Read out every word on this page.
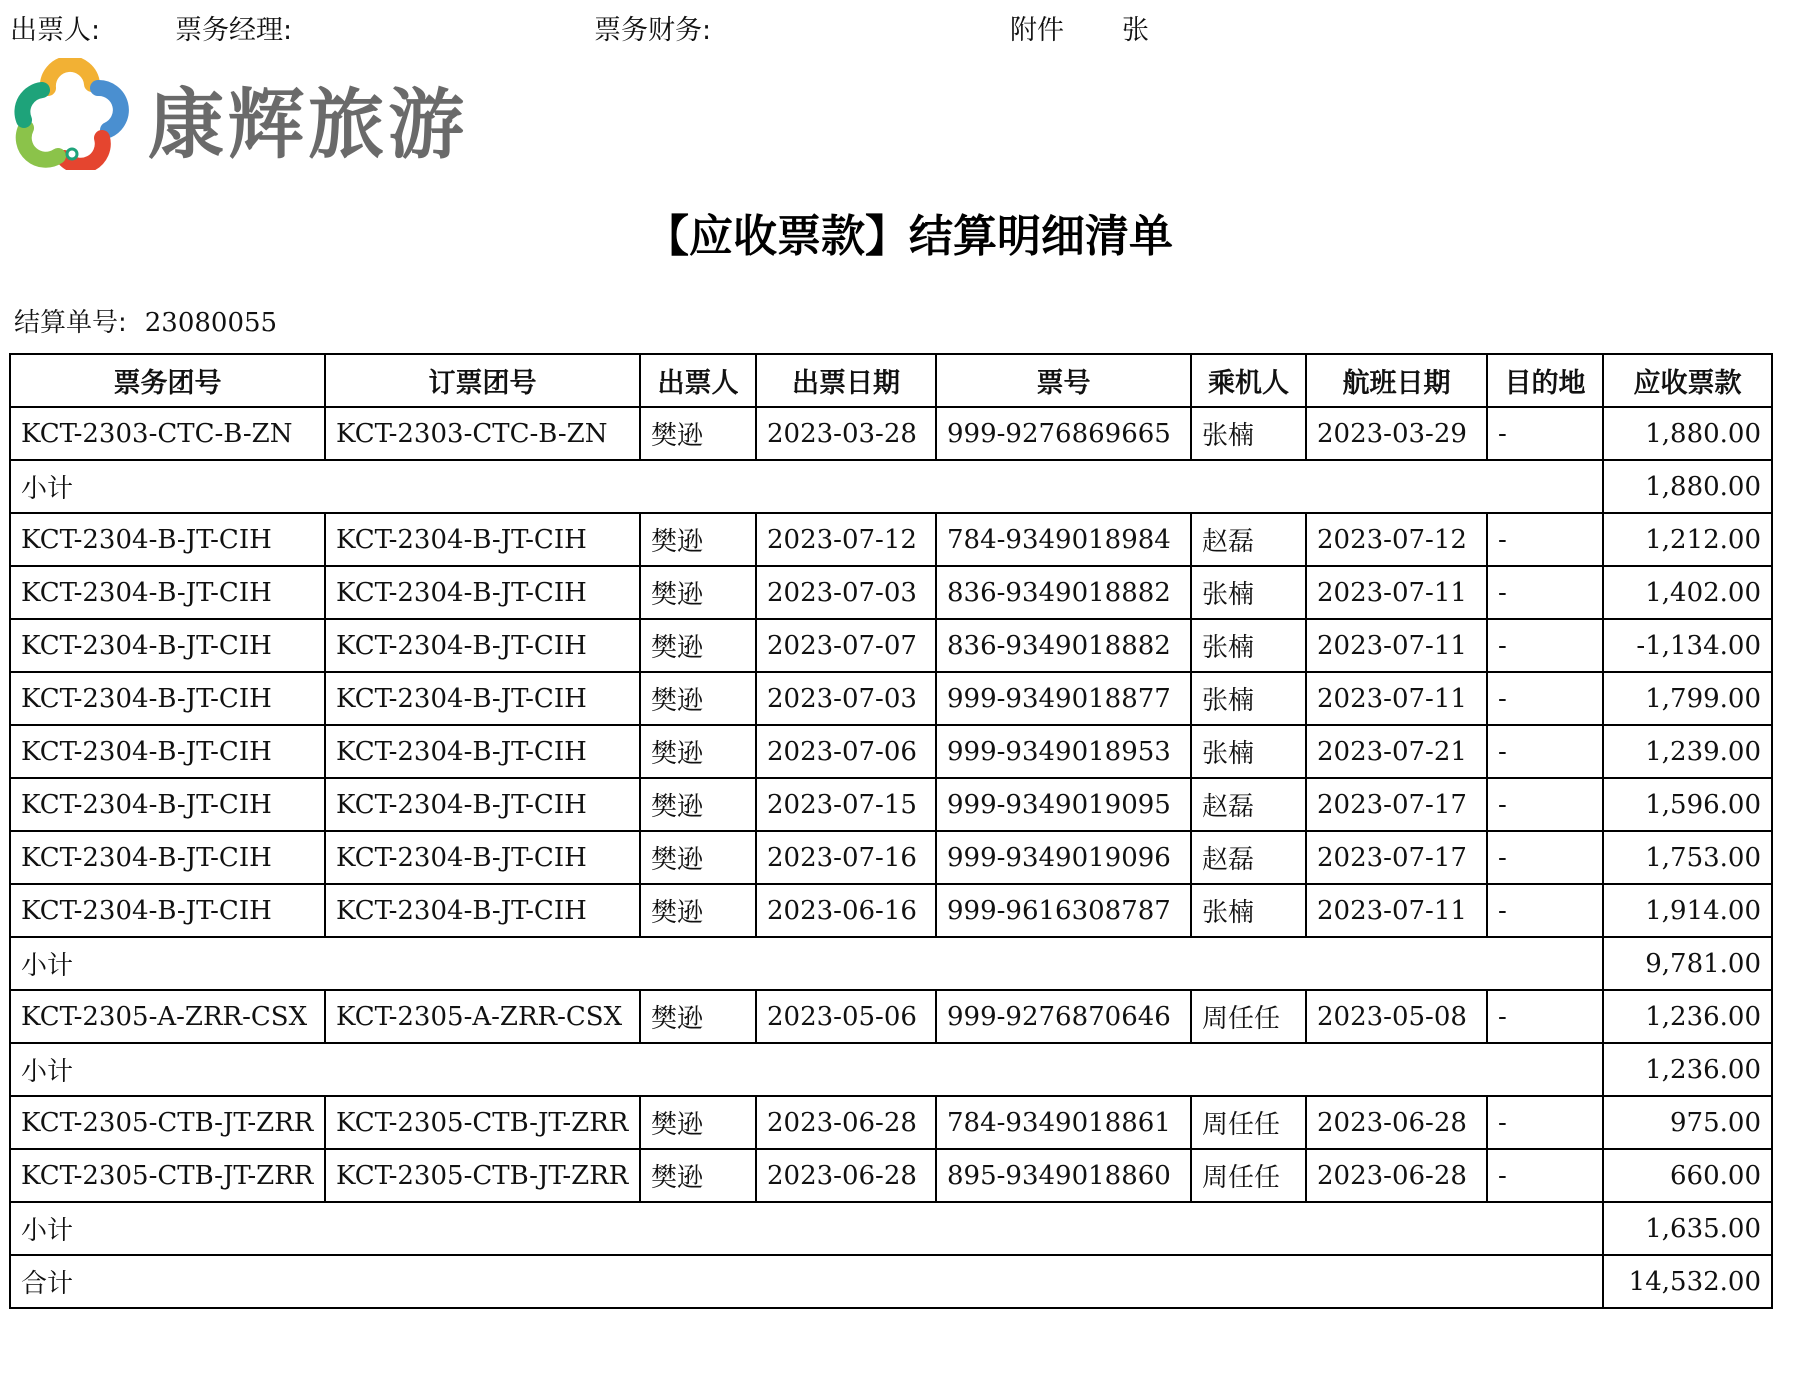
出票人:	票务经理:	票务财务:	附件 张
康辉旅游
【应收票款】结算明细清单
结算单号: 23080055
票务团号	订票团号	出票人	出票日期	票号	乘机人	航班日期	目的地	应收票款
KCT-2303-CTC-B-ZN	KCT-2303-CTC-B-ZN	樊逊	2023-03-28	999-9276869665	张楠	2023-03-29	-	1,880.00
小计								1,880.00
KCT-2304-B-JT-CIH	KCT-2304-B-JT-CIH	樊逊	2023-07-12	784-9349018984	赵磊	2023-07-12	-	1,212.00
KCT-2304-B-JT-CIH	KCT-2304-B-JT-CIH	樊逊	2023-07-03	836-9349018882	张楠	2023-07-11	-	1,402.00
KCT-2304-B-JT-CIH	KCT-2304-B-JT-CIH	樊逊	2023-07-07	836-9349018882	张楠	2023-07-11	-	-1,134.00
KCT-2304-B-JT-CIH	KCT-2304-B-JT-CIH	樊逊	2023-07-03	999-9349018877	张楠	2023-07-11	-	1,799.00
KCT-2304-B-JT-CIH	KCT-2304-B-JT-CIH	樊逊	2023-07-06	999-9349018953	张楠	2023-07-21	-	1,239.00
KCT-2304-B-JT-CIH	KCT-2304-B-JT-CIH	樊逊	2023-07-15	999-9349019095	赵磊	2023-07-17	-	1,596.00
KCT-2304-B-JT-CIH	KCT-2304-B-JT-CIH	樊逊	2023-07-16	999-9349019096	赵磊	2023-07-17	-	1,753.00
KCT-2304-B-JT-CIH	KCT-2304-B-JT-CIH	樊逊	2023-06-16	999-9616308787	张楠	2023-07-11	-	1,914.00
小计								9,781.00
KCT-2305-A-ZRR-CSX	KCT-2305-A-ZRR-CSX	樊逊	2023-05-06	999-9276870646	周任任	2023-05-08	-	1,236.00
小计								1,236.00
KCT-2305-CTB-JT-ZRR	KCT-2305-CTB-JT-ZRR	樊逊	2023-06-28	784-9349018861	周任任	2023-06-28	-	975.00
KCT-2305-CTB-JT-ZRR	KCT-2305-CTB-JT-ZRR	樊逊	2023-06-28	895-9349018860	周任任	2023-06-28	-	660.00
小计								1,635.00
合计								14,532.00
